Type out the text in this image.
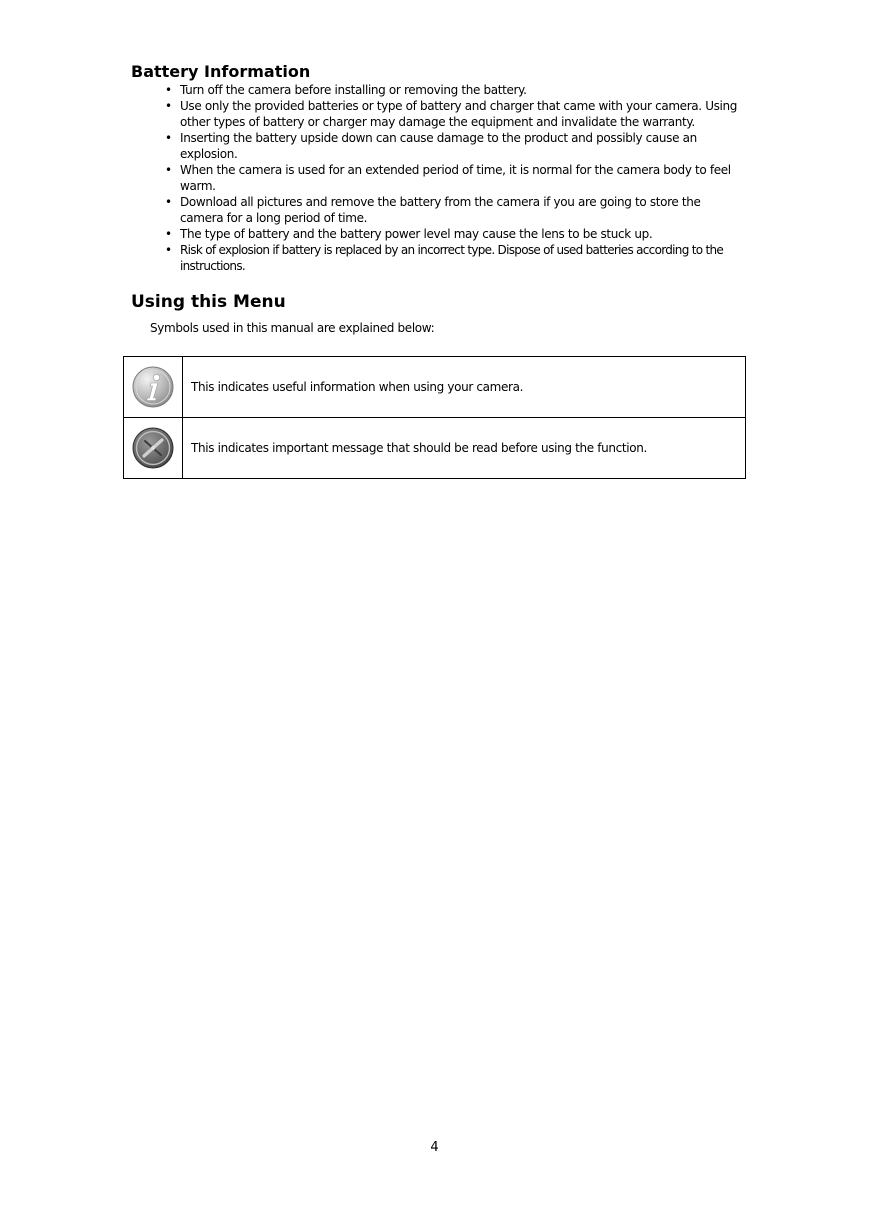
Battery Information
• Turn off the camera before installing or removing the battery.
• Use only the provided batteries or type of battery and charger that came with your camera. Using other types of battery or charger may damage the equipment and invalidate the warranty.
• Inserting the battery upside down can cause damage to the product and possibly cause an explosion.
• When the camera is used for an extended period of time, it is normal for the camera body to feel warm.
• Download all pictures and remove the battery from the camera if you are going to store the camera for a long period of time.
• The type of battery and the battery power level may cause the lens to be stuck up.
• Risk of explosion if battery is replaced by an incorrect type. Dispose of used batteries according to the instructions.
Using this Menu
Symbols used in this manual are explained below:
	This indicates useful information when using your camera.
	This indicates important message that should be read before using the function.
4
